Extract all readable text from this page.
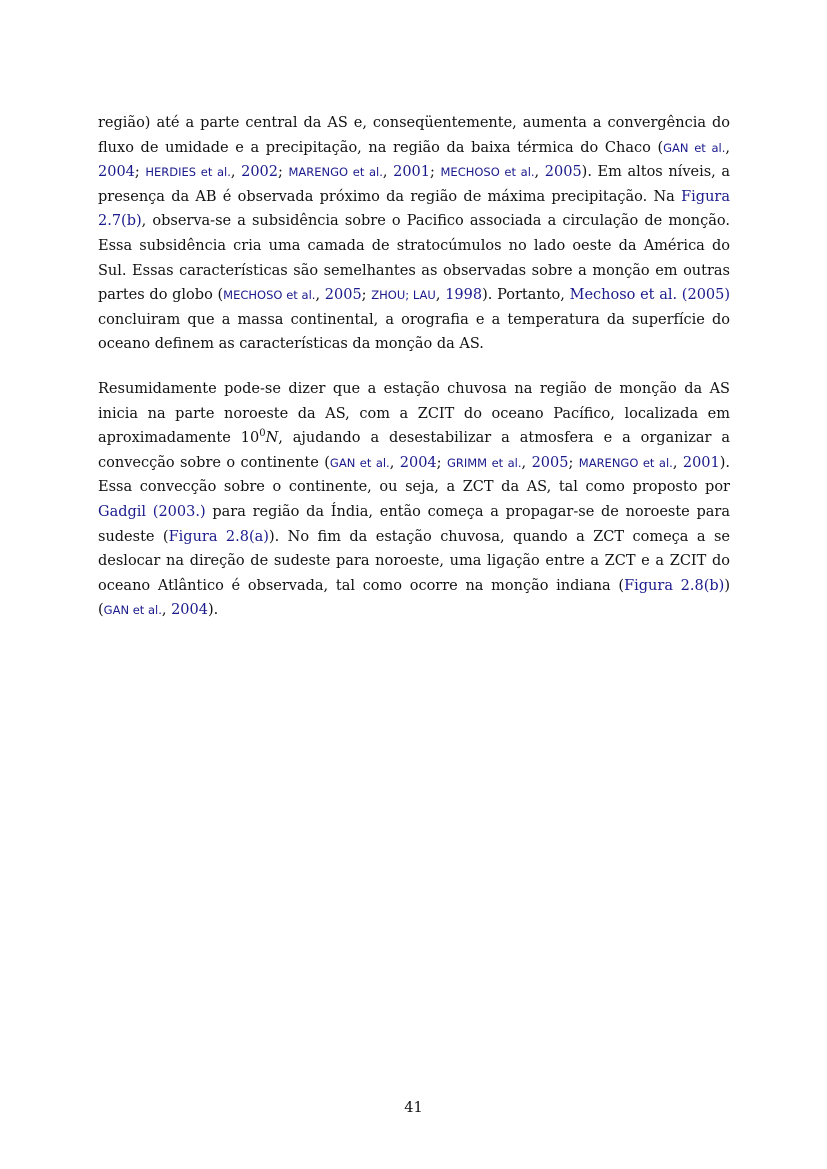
região) até a parte central da AS e, conseqüentemente, aumenta a convergência do fluxo de umidade e a precipitação, na região da baixa térmica do Chaco (GAN et al., 2004; HERDIES et al., 2002; MARENGO et al., 2001; MECHOSO et al., 2005). Em altos níveis, a presença da AB é observada próximo da região de máxima precipitação. Na Figura 2.7(b), observa-se a subsidência sobre o Pacifico associada a circulação de monção. Essa subsidência cria uma camada de stratocúmulos no lado oeste da América do Sul. Essas características são semelhantes as observadas sobre a monção em outras partes do globo (MECHOSO et al., 2005; ZHOU; LAU, 1998). Portanto, Mechoso et al. (2005) concluiram que a massa continental, a orografia e a temperatura da superfície do oceano definem as características da monção da AS.
Resumidamente pode-se dizer que a estação chuvosa na região de monção da AS inicia na parte noroeste da AS, com a ZCIT do oceano Pacífico, localizada em aproximadamente $10^0N$, ajudando a desestabilizar a atmosfera e a organizar a convecção sobre o continente (GAN et al., 2004; GRIMM et al., 2005; MARENGO et al., 2001). Essa convecção sobre o continente, ou seja, a ZCT da AS, tal como proposto por Gadgil (2003.) para região da Índia, então começa a propagar-se de noroeste para sudeste (Figura 2.8(a)). No fim da estação chuvosa, quando a ZCT começa a se deslocar na direção de sudeste para noroeste, uma ligação entre a ZCT e a ZCIT do oceano Atlântico é observada, tal como ocorre na monção indiana (Figura 2.8(b)) (GAN et al., 2004).
41
